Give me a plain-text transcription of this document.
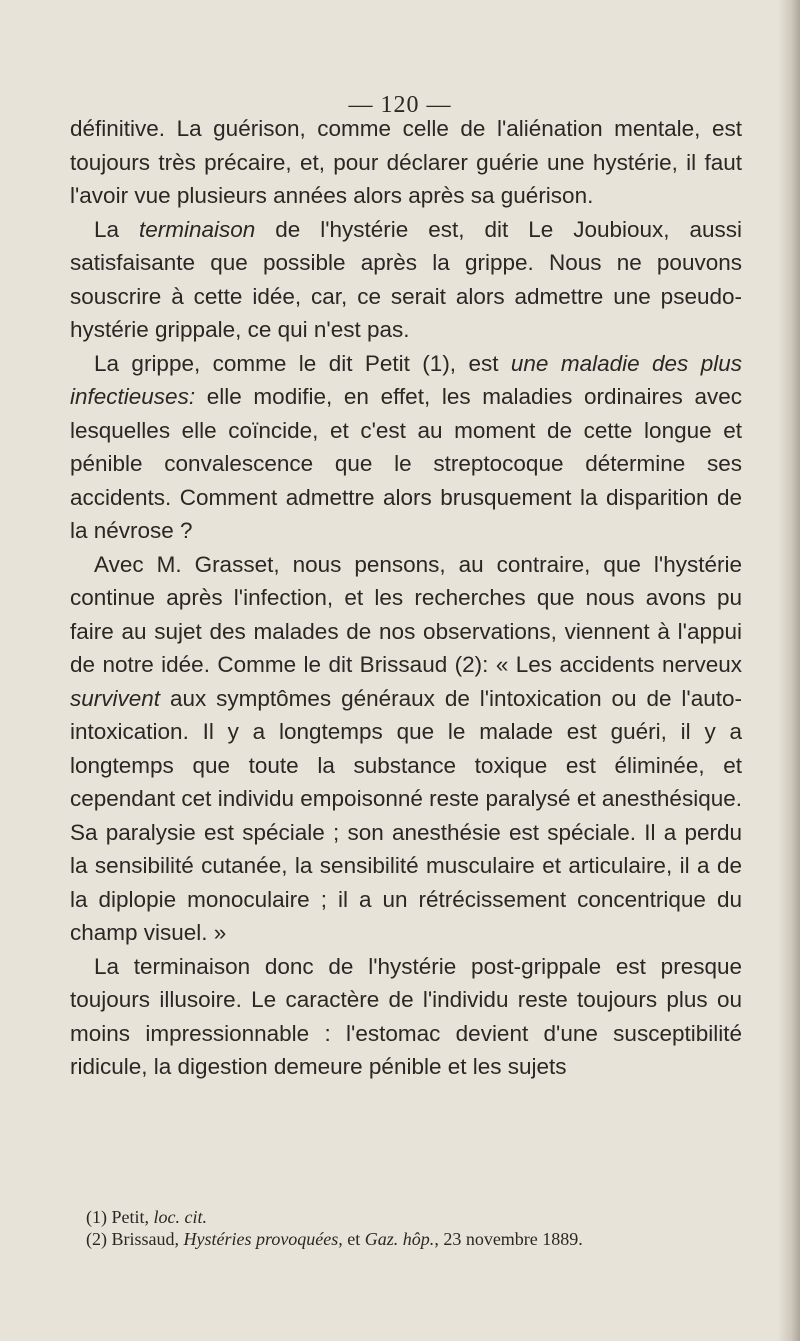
— 120 —

définitive. La guérison, comme celle de l'aliénation mentale, est toujours très précaire, et, pour déclarer guérie une hystérie, il faut l'avoir vue plusieurs années alors après sa guérison.

La terminaison de l'hystérie est, dit Le Joubioux, aussi satisfaisante que possible après la grippe. Nous ne pouvons souscrire à cette idée, car, ce serait alors admettre une pseudo-hystérie grippale, ce qui n'est pas.

La grippe, comme le dit Petit (1), est une maladie des plus infectieuses: elle modifie, en effet, les maladies ordinaires avec lesquelles elle coïncide, et c'est au moment de cette longue et pénible convalescence que le streptocoque détermine ses accidents. Comment admettre alors brusquement la disparition de la névrose ?

Avec M. Grasset, nous pensons, au contraire, que l'hystérie continue après l'infection, et les recherches que nous avons pu faire au sujet des malades de nos observations, viennent à l'appui de notre idée. Comme le dit Brissaud (2): « Les accidents nerveux survivent aux symptômes généraux de l'intoxication ou de l'auto-intoxication. Il y a longtemps que le malade est guéri, il y a longtemps que toute la substance toxique est éliminée, et cependant cet individu empoisonné reste paralysé et anesthésique. Sa paralysie est spéciale ; son anesthésie est spéciale. Il a perdu la sensibilité cutanée, la sensibilité musculaire et articulaire, il a de la diplopie monoculaire ; il a un rétrécissement concentrique du champ visuel. »

La terminaison donc de l'hystérie post-grippale est presque toujours illusoire. Le caractère de l'individu reste toujours plus ou moins impressionnable : l'estomac devient d'une susceptibilité ridicule, la digestion demeure pénible et les sujets

(1) Petit, loc. cit.
(2) Brissaud, Hystéries provoquées, et Gaz. hôp., 23 novembre 1889.
